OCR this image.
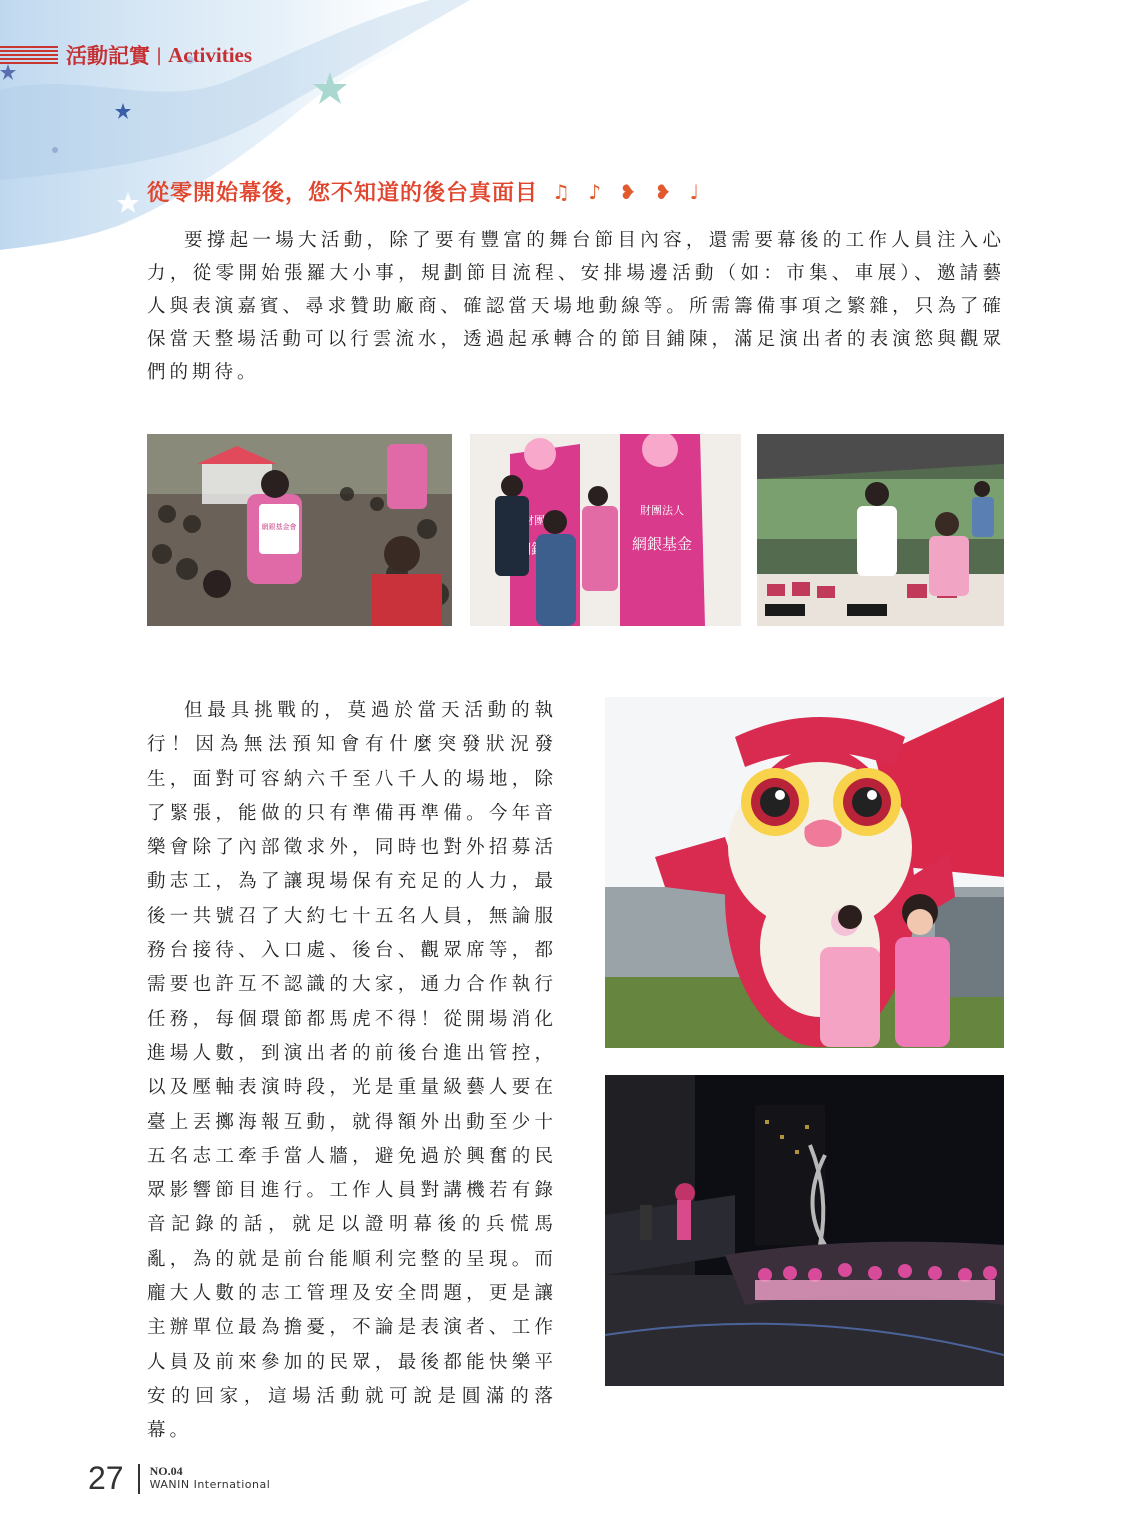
活動記實 | Activities
從零開始幕後，您不知道的後台真面目 ♫ ♪ ❥ ❥ ♩

要撐起一場大活動，除了要有豐富的舞台節目內容，還需要幕後的工作人員注入心力，從零開始張羅大小事，規劃節目流程、安排場邊活動（如：市集、車展）、邀請藝人與表演嘉賓、尋求贊助廠商、確認當天場地動線等。所需籌備事項之繁雜，只為了確保當天整場活動可以行雲流水，透過起承轉合的節目鋪陳，滿足演出者的表演慾與觀眾們的期待。

網銀基金會
財團法人
網銀基金

但最具挑戰的，莫過於當天活動的執行！因為無法預知會有什麼突發狀況發生，面對可容納六千至八千人的場地，除了緊張，能做的只有準備再準備。今年音樂會除了內部徵求外，同時也對外招募活動志工，為了讓現場保有充足的人力，最後一共號召了大約七十五名人員，無論服務台接待、入口處、後台、觀眾席等，都需要也許互不認識的大家，通力合作執行任務，每個環節都馬虎不得！從開場消化進場人數，到演出者的前後台進出管控，以及壓軸表演時段，光是重量級藝人要在臺上丟擲海報互動，就得額外出動至少十五名志工牽手當人牆，避免過於興奮的民眾影響節目進行。工作人員對講機若有錄音記錄的話，就足以證明幕後的兵慌馬亂，為的就是前台能順利完整的呈現。而龐大人數的志工管理及安全問題，更是讓主辦單位最為擔憂，不論是表演者、工作人員及前來參加的民眾，最後都能快樂平安的回家，這場活動就可說是圓滿的落幕。

27 NO.04
WANIN International
